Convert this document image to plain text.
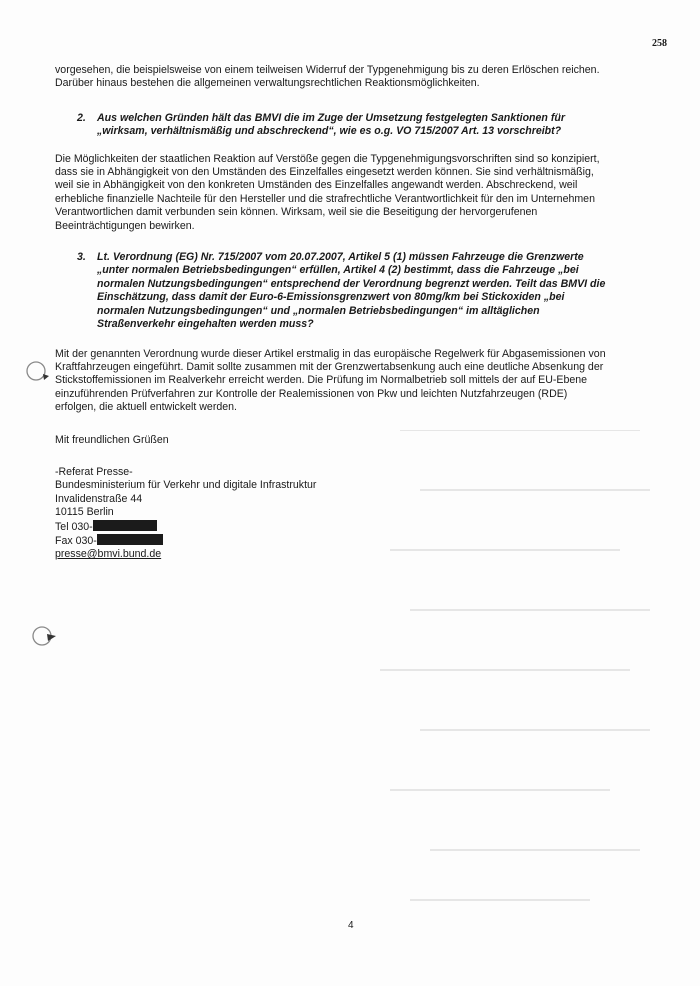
258

vorgesehen, die beispielsweise von einem teilweisen Widerruf der Typgenehmigung bis zu deren Erlöschen reichen.
Darüber hinaus bestehen die allgemeinen verwaltungsrechtlichen Reaktionsmöglichkeiten.

2. Aus welchen Gründen hält das BMVI die im Zuge der Umsetzung festgelegten Sanktionen für
„wirksam, verhältnismäßig und abschreckend“, wie es o.g. VO 715/2007 Art. 13 vorschreibt?

Die Möglichkeiten der staatlichen Reaktion auf Verstöße gegen die Typgenehmigungsvorschriften sind so konzipiert,
dass sie in Abhängigkeit von den Umständen des Einzelfalles eingesetzt werden können. Sie sind verhältnismäßig,
weil sie in Abhängigkeit von den konkreten Umständen des Einzelfalles angewandt werden. Abschreckend, weil
erhebliche finanzielle Nachteile für den Hersteller und die strafrechtliche Verantwortlichkeit für den im Unternehmen
Verantwortlichen damit verbunden sein können. Wirksam, weil sie die Beseitigung der hervorgerufenen
Beeinträchtigungen bewirken.

3. Lt. Verordnung (EG) Nr. 715/2007 vom 20.07.2007, Artikel 5 (1) müssen Fahrzeuge die Grenzwerte
„unter normalen Betriebsbedingungen“ erfüllen, Artikel 4 (2) bestimmt, dass die Fahrzeuge „bei
normalen Nutzungsbedingungen“ entsprechend der Verordnung begrenzt werden. Teilt das BMVI die
Einschätzung, dass damit der Euro-6-Emissionsgrenzwert von 80mg/km bei Stickoxiden „bei
normalen Nutzungsbedingungen“ und „normalen Betriebsbedingungen“ im alltäglichen
Straßenverkehr eingehalten werden muss?

Mit der genannten Verordnung wurde dieser Artikel erstmalig in das europäische Regelwerk für Abgasemissionen von
Kraftfahrzeugen eingeführt. Damit sollte zusammen mit der Grenzwertabsenkung auch eine deutliche Absenkung der
Stickstoffemissionen im Realverkehr erreicht werden. Die Prüfung im Normalbetrieb soll mittels der auf EU-Ebene
einzuführenden Prüfverfahren zur Kontrolle der Realemissionen von Pkw und leichten Nutzfahrzeugen (RDE)
erfolgen, die aktuell entwickelt werden.

Mit freundlichen Grüßen

-Referat Presse-
Bundesministerium für Verkehr und digitale Infrastruktur
Invalidenstraße 44
10115 Berlin
Tel 030-
Fax 030-
presse@bmvi.bund.de
4
